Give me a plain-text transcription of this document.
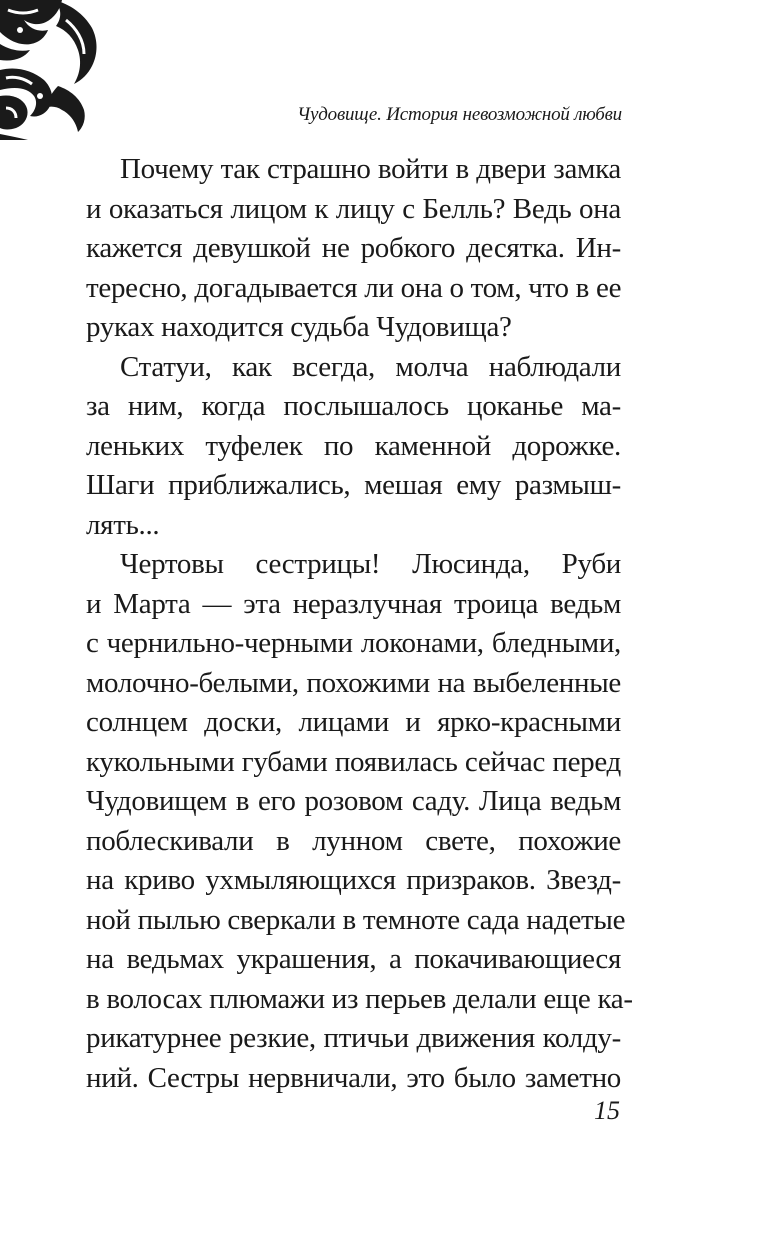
Чудовище. История невозможной любви
Почему так страшно войти в двери замка
и оказаться лицом к лицу с Белль? Ведь она
кажется девушкой не робкого десятка. Ин-
тересно, догадывается ли она о том, что в ее
руках находится судьба Чудовища?
Статуи, как всегда, молча наблюдали
за ним, когда послышалось цоканье ма-
леньких туфелек по каменной дорожке.
Шаги приближались, мешая ему размыш-
лять...
Чертовы сестрицы! Люсинда, Руби
и Марта — эта неразлучная троица ведьм
с чернильно-черными локонами, бледными,
молочно-белыми, похожими на выбеленные
солнцем доски, лицами и ярко-красными
кукольными губами появилась сейчас перед
Чудовищем в его розовом саду. Лица ведьм
поблескивали в лунном свете, похожие
на криво ухмыляющихся призраков. Звезд-
ной пылью сверкали в темноте сада надетые
на ведьмах украшения, а покачивающиеся
в волосах плюмажи из перьев делали еще ка-
рикатурнее резкие, птичьи движения колду-
ний. Сестры нервничали, это было заметно
15
